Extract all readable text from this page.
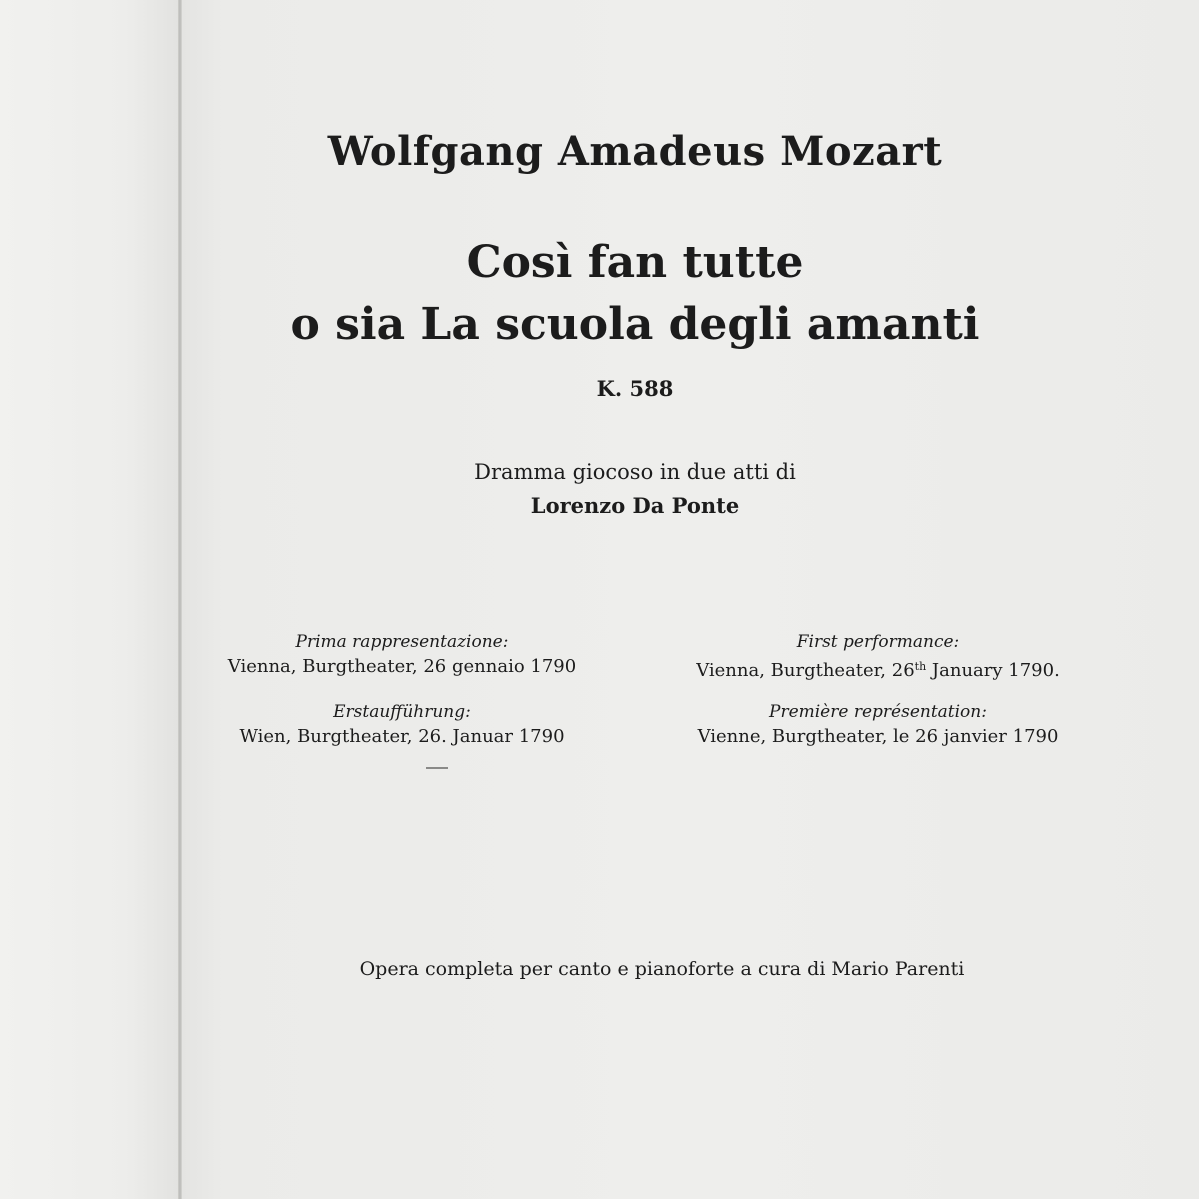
Wolfgang Amadeus Mozart
Così fan tutte
o sia La scuola degli amanti
K. 588
Dramma giocoso in due atti di
Lorenzo Da Ponte
Prima rappresentazione:
Vienna, Burgtheater, 26 gennaio 1790
First performance:
Vienna, Burgtheater, 26th January 1790.
Erstaufführung:
Wien, Burgtheater, 26. Januar 1790
Première représentation:
Vienne, Burgtheater, le 26 janvier 1790
Opera completa per canto e pianoforte a cura di Mario Parenti
